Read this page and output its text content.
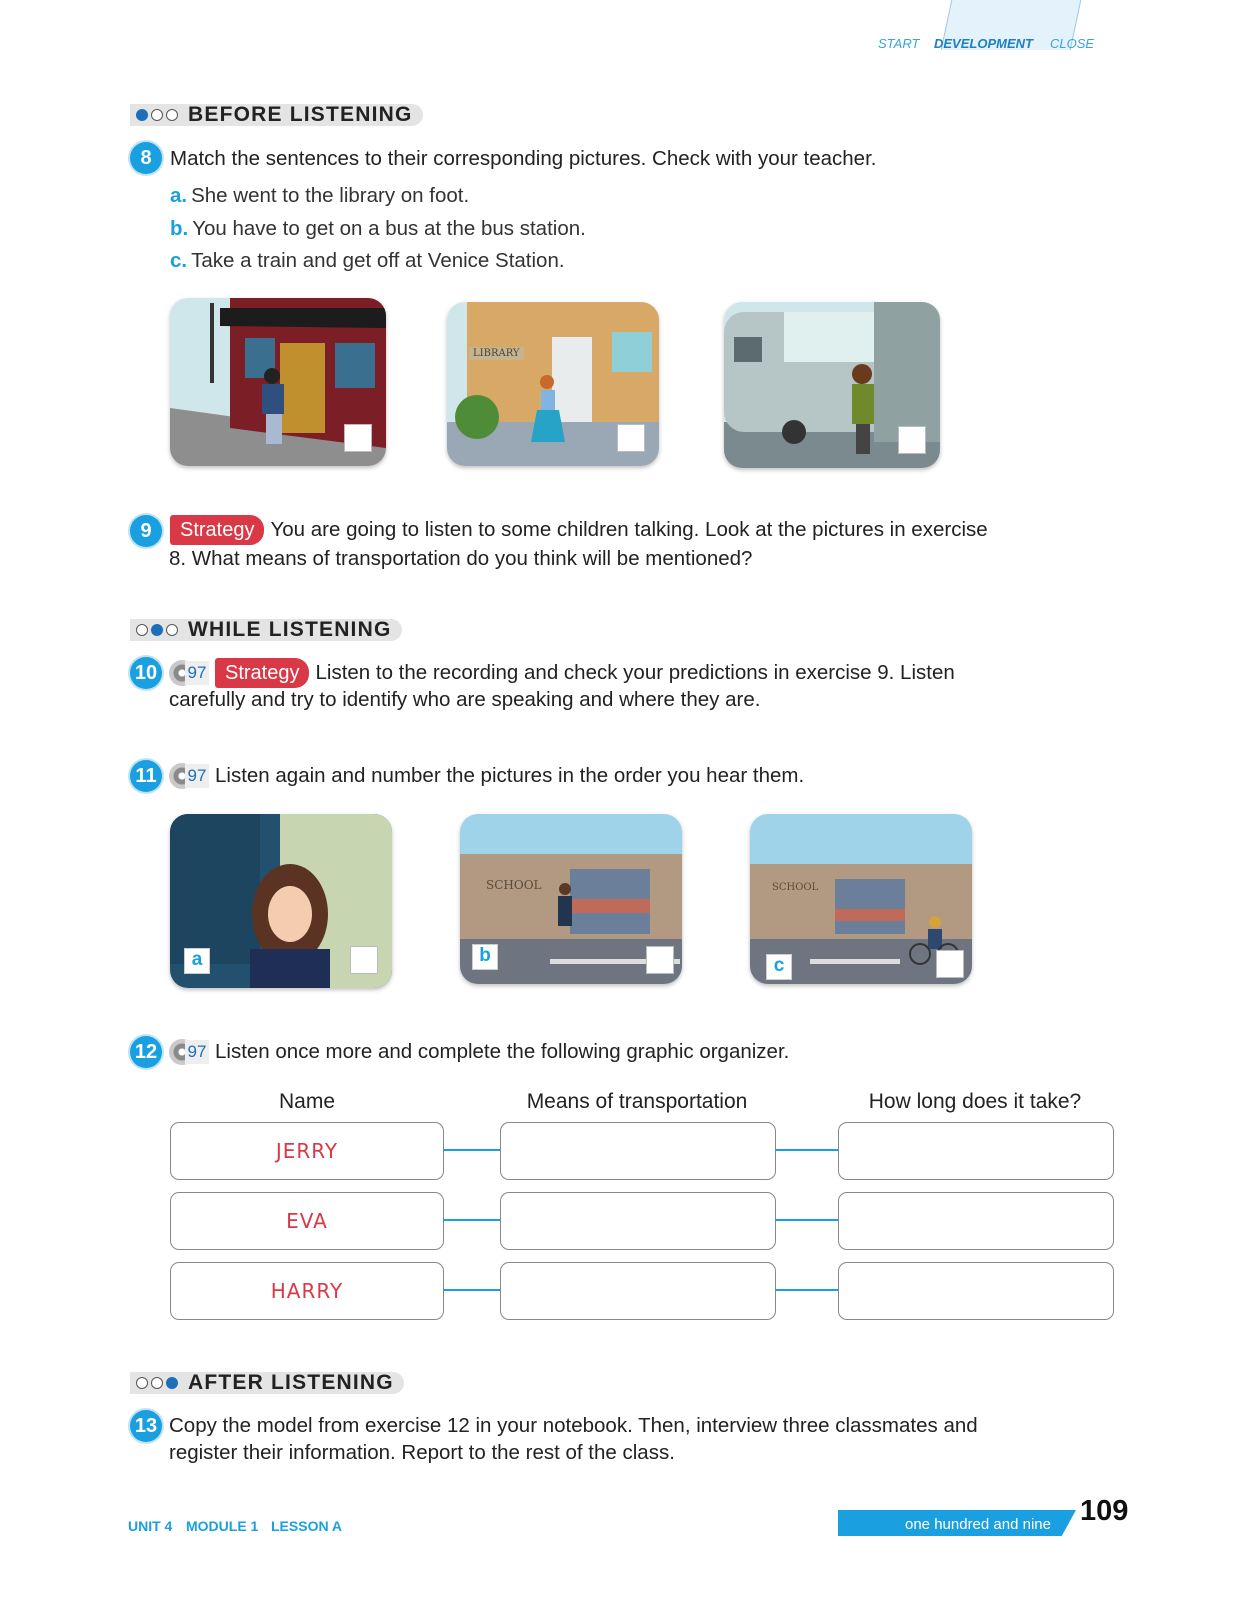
START DEVELOPMENT CLOSE
BEFORE LISTENING
8 Match the sentences to their corresponding pictures. Check with your teacher.
a. She went to the library on foot.
b. You have to get on a bus at the bus station.
c. Take a train and get off at Venice Station.
LIBRARY
9	Strategy You are going to listen to some children talking. Look at the pictures in exercise
8. What means of transportation do you think will be mentioned?
WHILE LISTENING
10 97 Strategy Listen to the recording and check your predictions in exercise 9. Listen
carefully and try to identify who are speaking and where they are.
11	97 Listen again and number the pictures in the order you hear them.
a
SCHOOL
b
SCHOOL
c
12 97 Listen once more and complete the following graphic organizer.
Name	Means of transportation	How long does it take?
JERRY
EVA
HARRY
AFTER LISTENING
13 Copy the model from exercise 12 in your notebook. Then, interview three classmates and
register their information. Report to the rest of the class.
UNIT 4 MODULE 1 LESSON A	one hundred and nine 109
